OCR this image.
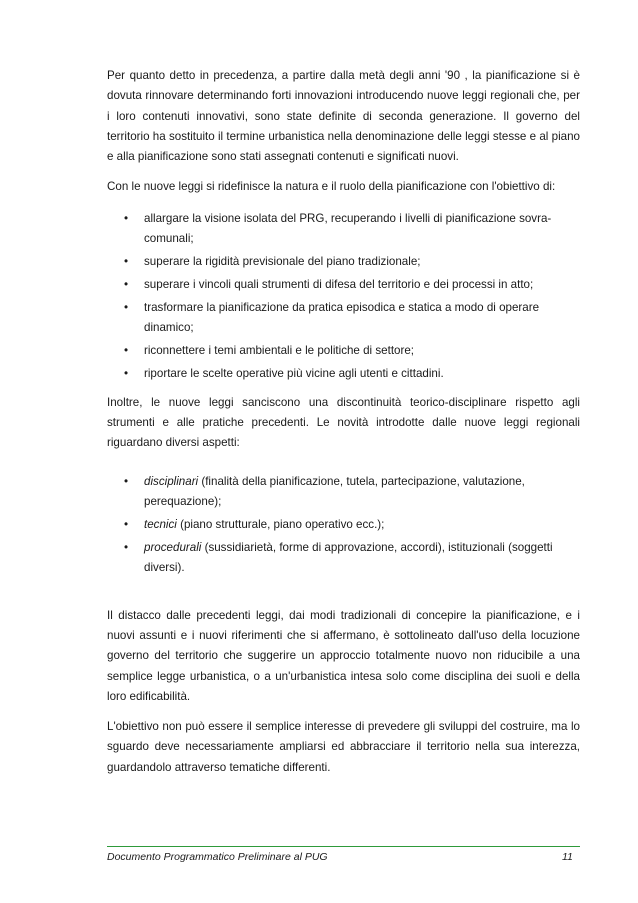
Per quanto detto in precedenza, a partire dalla metà degli anni '90 , la pianificazione si è dovuta rinnovare determinando forti innovazioni introducendo nuove leggi regionali che, per i loro contenuti innovativi, sono state definite di seconda generazione. Il governo del territorio ha sostituito il termine urbanistica nella denominazione delle leggi stesse e al piano e alla pianificazione sono stati assegnati contenuti e significati nuovi.

Con le nuove leggi si ridefinisce la natura e il ruolo della pianificazione con l'obiettivo di:

• allargare la visione isolata del PRG, recuperando i livelli di pianificazione sovra-comunali;
• superare la rigidità previsionale del piano tradizionale;
• superare i vincoli quali strumenti di difesa del territorio e dei processi in atto;
• trasformare la pianificazione da pratica episodica e statica a modo di operare dinamico;
• riconnettere i temi ambientali e le politiche di settore;
• riportare le scelte operative più vicine agli utenti e cittadini.

Inoltre, le nuove leggi sanciscono una discontinuità teorico-disciplinare rispetto agli strumenti e alle pratiche precedenti. Le novità introdotte dalle nuove leggi regionali riguardano diversi aspetti:

• disciplinari (finalità della pianificazione, tutela, partecipazione, valutazione, perequazione);
• tecnici (piano strutturale, piano operativo ecc.);
• procedurali (sussidiarietà, forme di approvazione, accordi), istituzionali (soggetti diversi).

Il distacco dalle precedenti leggi, dai modi tradizionali di concepire la pianificazione, e i nuovi assunti e i nuovi riferimenti che si affermano, è sottolineato dall'uso della locuzione governo del territorio che suggerire un approccio totalmente nuovo non riducibile a una semplice legge urbanistica, o a un'urbanistica intesa solo come disciplina dei suoli e della loro edificabilità.

L'obiettivo non può essere il semplice interesse di prevedere gli sviluppi del costruire, ma lo sguardo deve necessariamente ampliarsi ed abbracciare il territorio nella sua interezza, guardandolo attraverso tematiche differenti.

Documento Programmatico Preliminare al PUG	11
